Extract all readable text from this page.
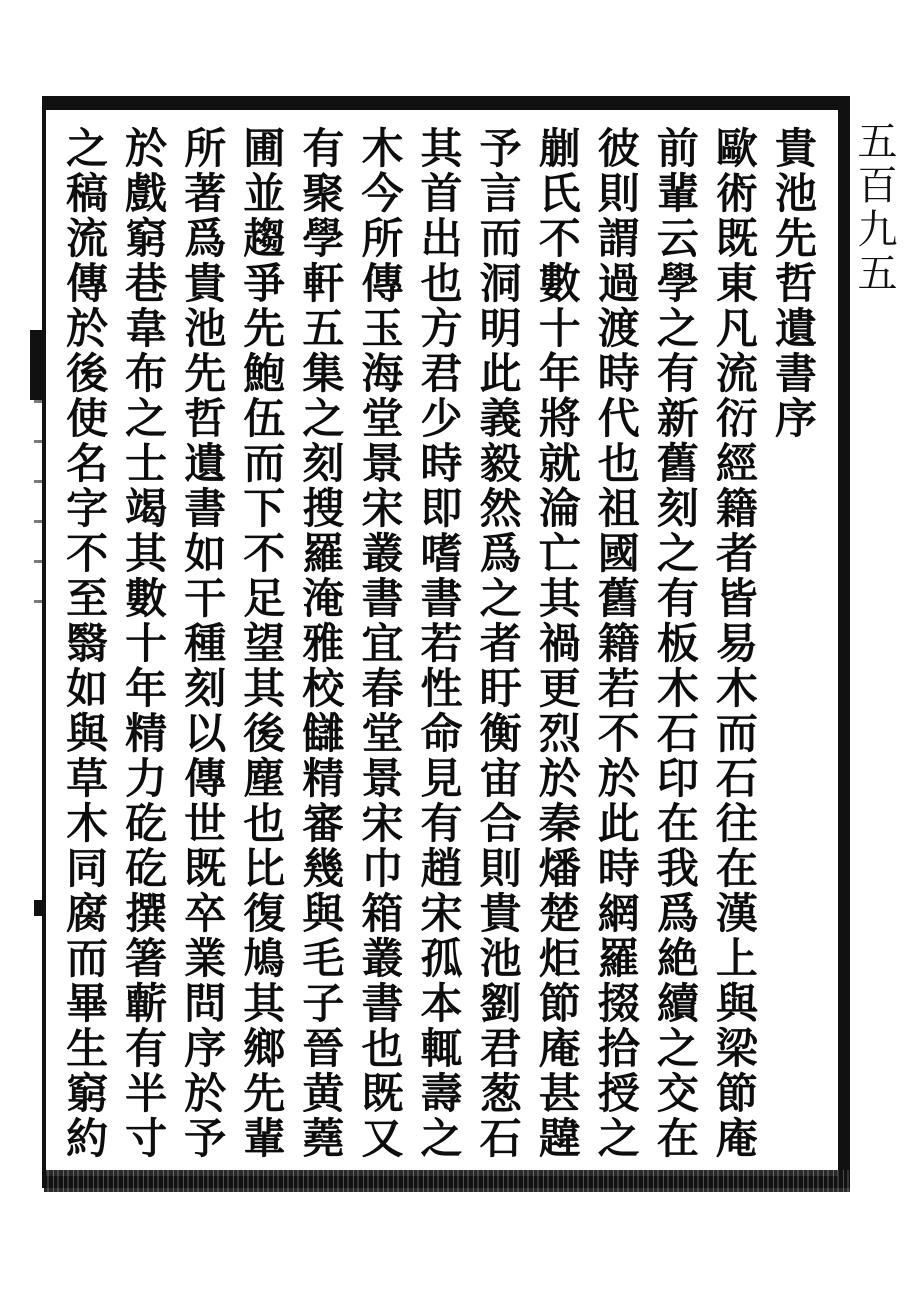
五百九五
貴池先哲遺書序
歐術既東凡流衍經籍者皆易木而石往在漢上與梁節庵
前輩云學之有新舊刻之有板木石印在我爲絶續之交在
彼則謂過渡時代也祖國舊籍若不於此時網羅掇拾授之
剻氏不數十年將就淪亡其禍更烈於秦燔楚炬節庵甚韙
予言而洞明此義毅然爲之者盱衡宙合則貴池劉君葱石
其首出也方君少時即嗜書若性命見有趙宋孤本輒壽之
木今所傳玉海堂景宋叢書宜春堂景宋巾箱叢書也既又
有聚學軒五集之刻搜羅淹雅校讎精審幾與毛子晉黄蕘
圃並趨爭先鮑伍而下不足望其後塵也比復鳩其鄉先輩
所著爲貴池先哲遺書如干種刻以傳世既卒業問序於予
於戲窮巷韋布之士竭其數十年精力矻矻撰箸蘄有半寸
之稿流傳於後使名字不至翳如與草木同腐而畢生窮約
